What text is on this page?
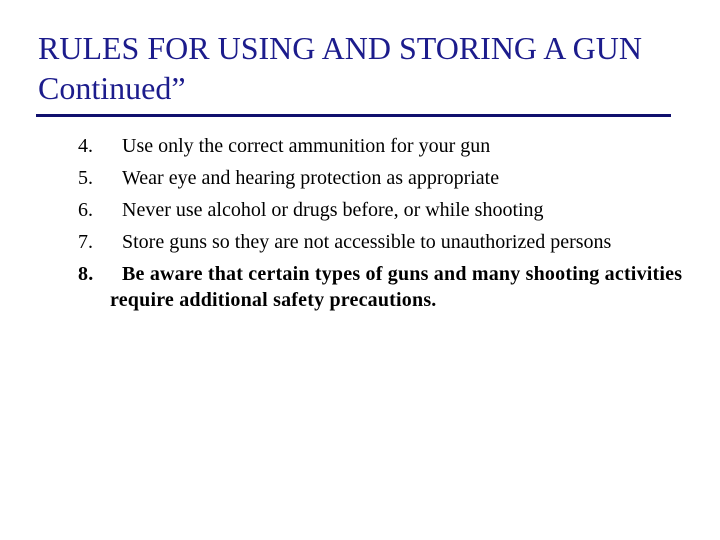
RULES FOR USING AND STORING A GUN Continued”
4.	Use only the correct ammunition for your gun
5.	Wear eye and hearing protection as appropriate
6.	Never use alcohol or drugs before, or while shooting
7.	Store guns so they are not accessible to unauthorized persons
8.	Be aware that certain types of guns and many shooting activities require additional safety precautions.
